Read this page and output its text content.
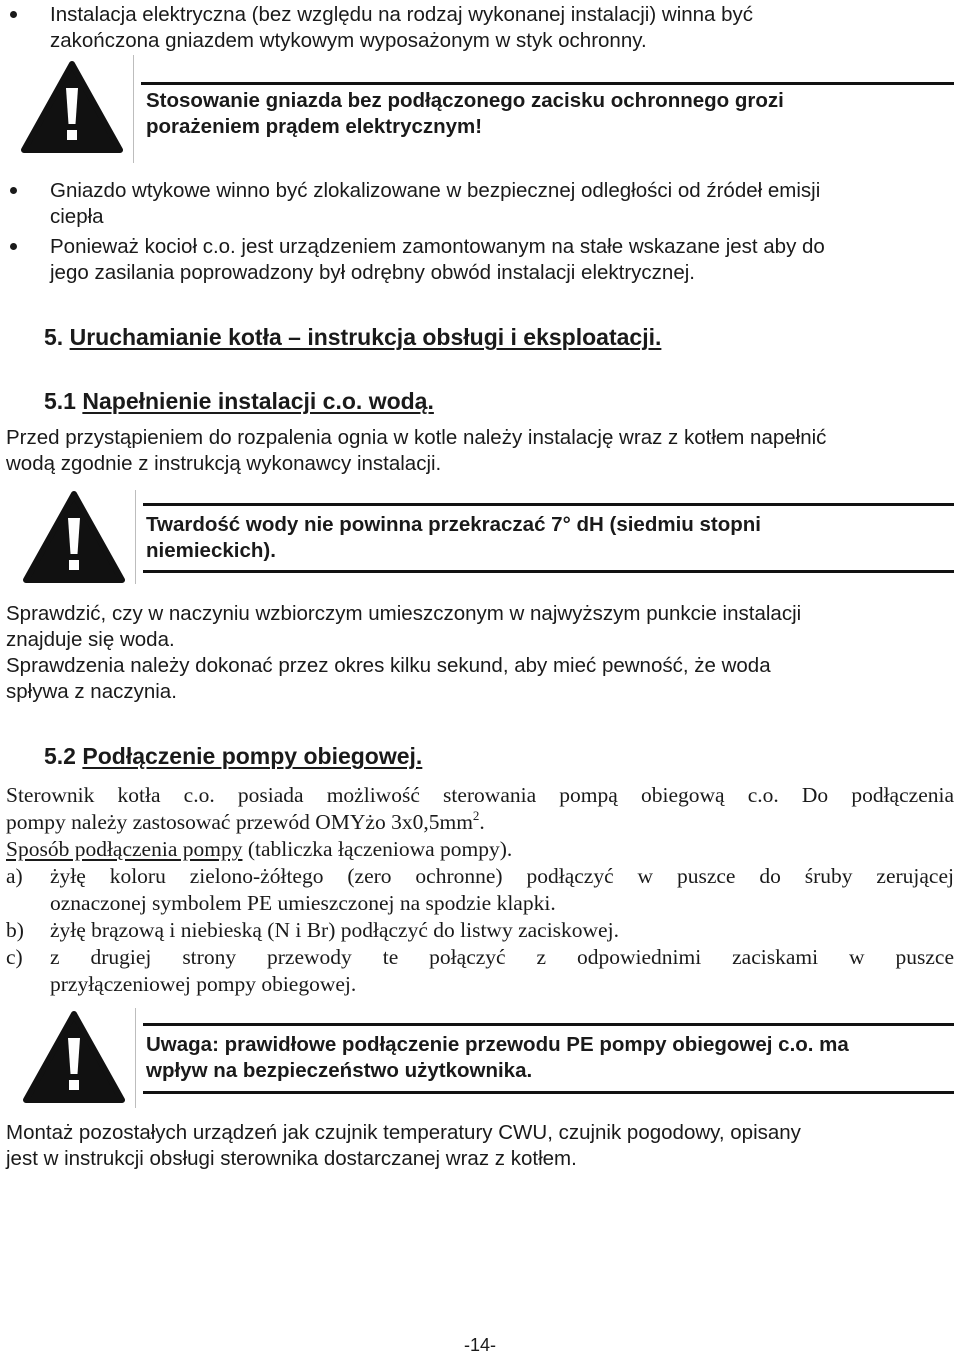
Instalacja elektryczna (bez względu na rodzaj wykonanej instalacji) winna być
zakończona gniazdem wtykowym wyposażonym w styk ochronny.
Stosowanie gniazda bez podłączonego zacisku ochronnego grozi
porażeniem prądem elektrycznym!
Gniazdo wtykowe winno być zlokalizowane w bezpiecznej odległości od źródeł emisji
ciepła
Ponieważ kocioł c.o. jest urządzeniem zamontowanym na stałe wskazane jest aby do
jego zasilania poprowadzony był odrębny obwód instalacji elektrycznej.
5. Uruchamianie kotła – instrukcja obsługi i eksploatacji.
5.1 Napełnienie instalacji c.o. wodą.
Przed przystąpieniem do rozpalenia ognia w kotle należy instalację wraz z kotłem napełnić
wodą zgodnie z instrukcją wykonawcy instalacji.
Twardość wody nie powinna przekraczać 7° dH (siedmiu stopni
niemieckich).
Sprawdzić, czy w naczyniu wzbiorczym umieszczonym w najwyższym punkcie instalacji
znajduje się woda.
Sprawdzenia należy dokonać przez okres kilku sekund, aby mieć pewność, że woda
spływa z naczynia.
5.2 Podłączenie pompy obiegowej.
Sterownik kotła c.o. posiada możliwość sterowania pompą obiegową c.o. Do podłączenia
pompy należy zastosować przewód OMYżo $3x0,5mm^2$.
Sposób podłączenia pompy (tabliczka łączeniowa pompy).
a) żyłę koloru zielono-żółtego (zero ochronne) podłączyć w puszce do śruby zerującej
oznaczonej symbolem PE umieszczonej na spodzie klapki.
b) żyłę brązową i niebieską (N i Br) podłączyć do listwy zaciskowej.
c) z drugiej strony przewody te połączyć z odpowiednimi zaciskami w puszce
przyłączeniowej pompy obiegowej.
Uwaga: prawidłowe podłączenie przewodu PE pompy obiegowej c.o. ma
wpływ na bezpieczeństwo użytkownika.
Montaż pozostałych urządzeń jak czujnik temperatury CWU, czujnik pogodowy, opisany
jest w instrukcji obsługi sterownika dostarczanej wraz z kotłem.
-14-
